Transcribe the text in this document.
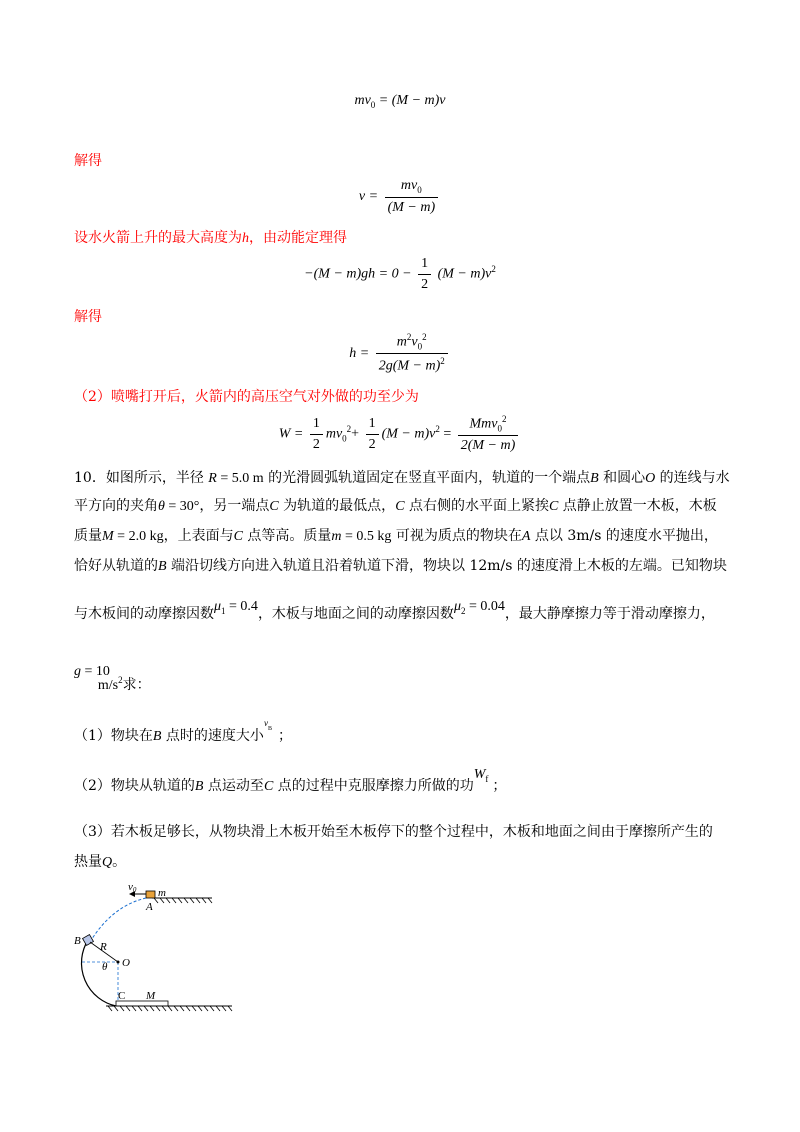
$mv_0 = (M - m)v$
解得
$v = \frac{mv_0}{(M - m)}$
设水火箭上升的最大高度为h，由动能定理得
$-(M - m)gh = 0 - \frac{1}{2} (M - m)v^2$
解得
$h = \frac{m^2v_0^2}{2g(M - m)^2}$
（2）喷嘴打开后，火箭内的高压空气对外做的功至少为
$W = \frac{1}{2} mv_0^2+ \frac{1}{2} (M - m)v^2 = \frac{Mmv_0^2}{2(M - m)}$
10．如图所示，半径 R = 5.0 m 的光滑圆弧轨道固定在竖直平面内，轨道的一个端点B 和圆心O 的连线与水
平方向的夹角θ = 30°，另一端点C 为轨道的最低点，C 点右侧的水平面上紧挨C 点静止放置一木板，木板
质量M = 2.0 kg，上表面与C 点等高。质量m = 0.5 kg 可视为质点的物块在A 点以 3m/s 的速度水平抛出，
恰好从轨道的B 端沿切线方向进入轨道且沿着轨道下滑，物块以 12m/s 的速度滑上木板的左端。已知物块
与木板间的动摩擦因数$\mu_1 = 0.4$，木板与地面之间的动摩擦因数$\mu_2 = 0.04$，最大静摩擦力等于滑动摩擦力，
$g = 10m/s^2$求：
（1）物块在B 点时的速度大小$^v$B ；
（2）物块从轨道的B 点运动至C 点的过程中克服摩擦力所做的功$W_f$ ；
（3）若木板足够长，从物块滑上木板开始至木板停下的整个过程中，木板和地面之间由于摩擦所产生的
热量Q。
v0 m
A
B R
θ O
C M
